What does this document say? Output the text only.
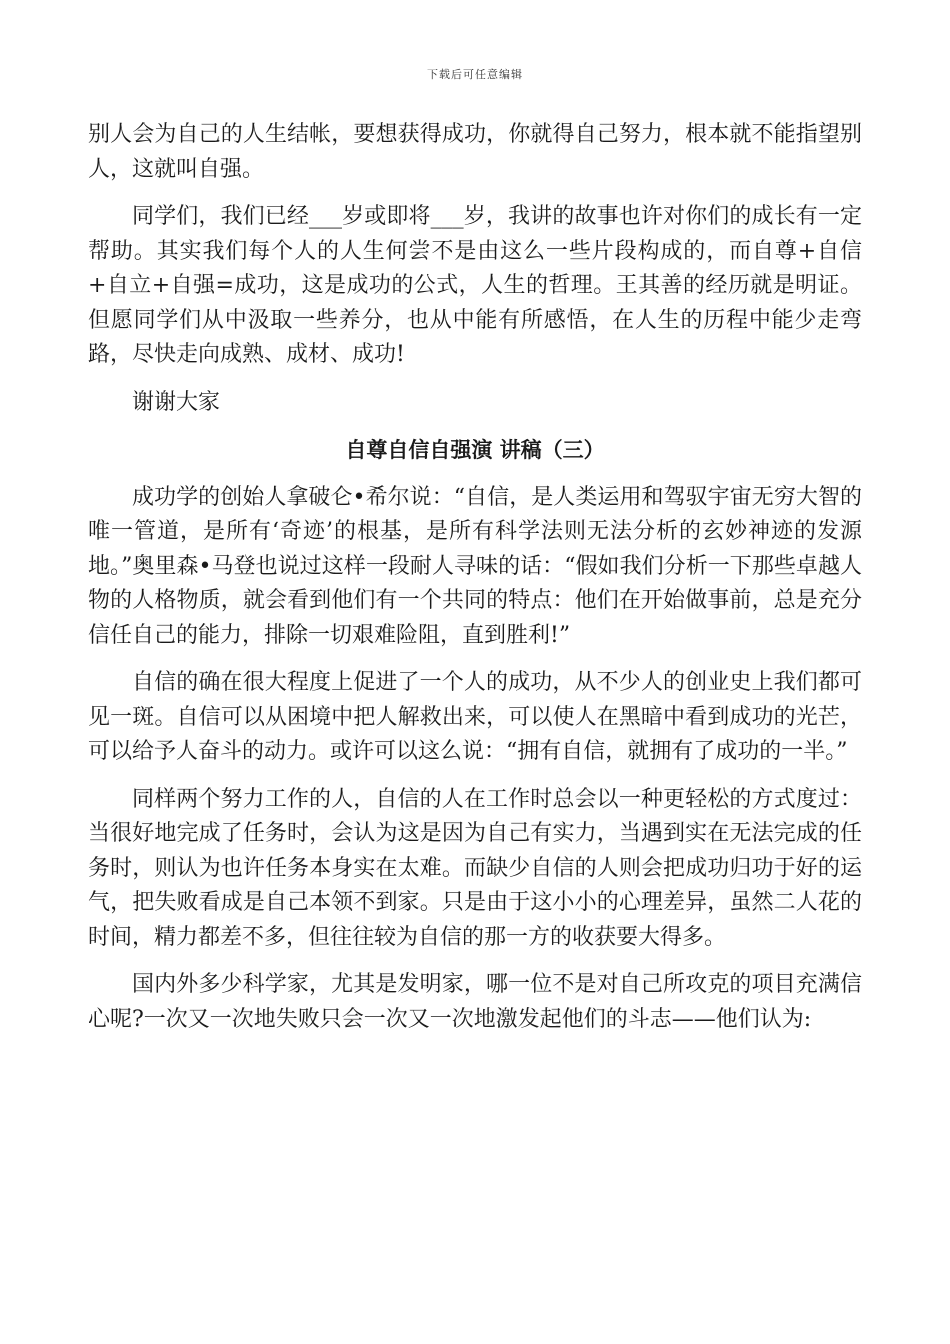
下载后可任意编辑

别人会为自己的人生结帐，要想获得成功，你就得自己努力，根本就不能指望别人，这就叫自强。

同学们，我们已经___岁或即将___岁，我讲的故事也许对你们的成长有一定帮助。其实我们每个人的人生何尝不是由这么一些片段构成的，而自尊+自信+自立+自强=成功，这是成功的公式，人生的哲理。王其善的经历就是明证。但愿同学们从中汲取一些养分，也从中能有所感悟，在人生的历程中能少走弯路，尽快走向成熟、成材、成功!

谢谢大家

自尊自信自强演 讲稿（三）

成功学的创始人拿破仑•希尔说：“自信，是人类运用和驾驭宇宙无穷大智的唯一管道，是所有‘奇迹’的根基，是所有科学法则无法分析的玄妙神迹的发源地。”奥里森•马登也说过这样一段耐人寻味的话：“假如我们分析一下那些卓越人物的人格物质，就会看到他们有一个共同的特点：他们在开始做事前，总是充分信任自己的能力，排除一切艰难险阻，直到胜利!”

自信的确在很大程度上促进了一个人的成功，从不少人的创业史上我们都可见一斑。自信可以从困境中把人解救出来，可以使人在黑暗中看到成功的光芒，可以给予人奋斗的动力。或许可以这么说：“拥有自信，就拥有了成功的一半。”

同样两个努力工作的人，自信的人在工作时总会以一种更轻松的方式度过：当很好地完成了任务时，会认为这是因为自己有实力，当遇到实在无法完成的任务时，则认为也许任务本身实在太难。而缺少自信的人则会把成功归功于好的运气，把失败看成是自己本领不到家。只是由于这小小的心理差异，虽然二人花的时间，精力都差不多，但往往较为自信的那一方的收获要大得多。

国内外多少科学家，尤其是发明家，哪一位不是对自己所攻克的项目充满信心呢?一次又一次地失败只会一次又一次地激发起他们的斗志——他们认为:
